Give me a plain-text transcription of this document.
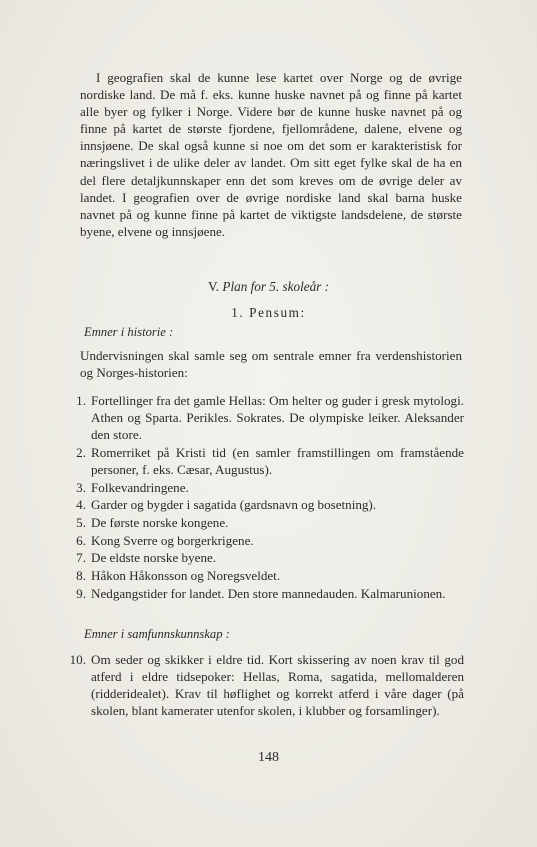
I geografien skal de kunne lese kartet over Norge og de øvrige nordiske land. De må f. eks. kunne huske navnet på og finne på kartet alle byer og fylker i Norge. Videre bør de kunne huske navnet på og finne på kartet de største fjordene, fjellområdene, dalene, elvene og innsjøene. De skal også kunne si noe om det som er karakteristisk for næringslivet i de ulike deler av landet. Om sitt eget fylke skal de ha en del flere detaljkunnskaper enn det som kreves om de øvrige deler av landet. I geografien over de øvrige nordiske land skal barna huske navnet på og kunne finne på kartet de viktigste landsdelene, de største byene, elvene og innsjøene.

V. Plan for 5. skoleår :
1. Pensum:
Emner i historie :

Undervisningen skal samle seg om sentrale emner fra verdenshistorien og Norges-historien:

1. Fortellinger fra det gamle Hellas: Om helter og guder i gresk mytologi. Athen og Sparta. Perikles. Sokrates. De olympiske leiker. Aleksander den store.
2. Romerriket på Kristi tid (en samler framstillingen om framstående personer, f. eks. Cæsar, Augustus).
3. Folkevandringene.
4. Garder og bygder i sagatida (gardsnavn og bosetning).
5. De første norske kongene.
6. Kong Sverre og borgerkrigene.
7. De eldste norske byene.
8. Håkon Håkonsson og Noregsveldet.
9. Nedgangstider for landet. Den store mannedauden. Kalmarunionen.
Emner i samfunnskunnskap :
10. Om seder og skikker i eldre tid. Kort skissering av noen krav til god atferd i eldre tidsepoker: Hellas, Roma, sagatida, mellomalderen (ridderidealet). Krav til høflighet og korrekt atferd i våre dager (på skolen, blant kamerater utenfor skolen, i klubber og forsamlinger).
148
